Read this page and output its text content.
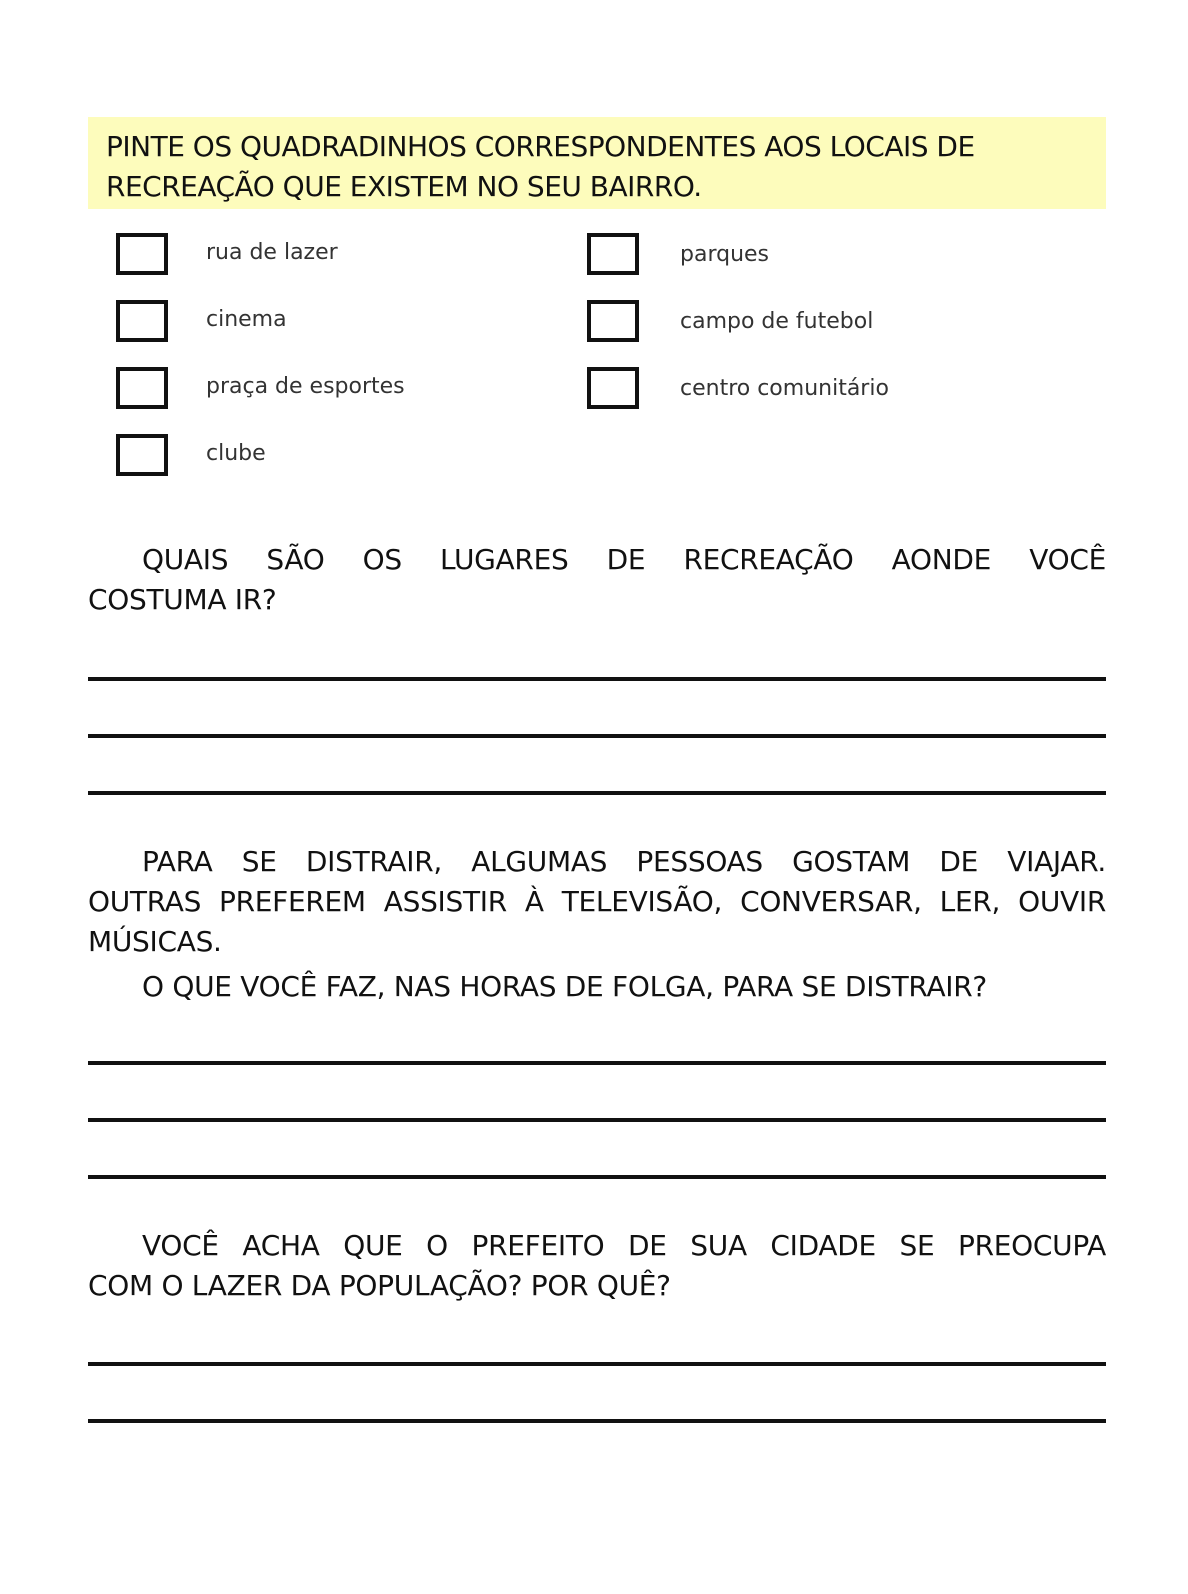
PINTE OS QUADRADINHOS CORRESPONDENTES AOS LOCAIS DE
RECREAÇÃO QUE EXISTEM NO SEU BAIRRO.
rua de lazer
cinema
praça de esportes
clube
parques
campo de futebol
centro comunitário
QUAIS SÃO OS LUGARES DE RECREAÇÃO AONDE VOCÊ
COSTUMA IR?
PARA SE DISTRAIR, ALGUMAS PESSOAS GOSTAM DE VIAJAR.
OUTRAS PREFEREM ASSISTIR À TELEVISÃO, CONVERSAR, LER, OUVIR
MÚSICAS.
O QUE VOCÊ FAZ, NAS HORAS DE FOLGA, PARA SE DISTRAIR?
VOCÊ ACHA QUE O PREFEITO DE SUA CIDADE SE PREOCUPA
COM O LAZER DA POPULAÇÃO? POR QUÊ?
